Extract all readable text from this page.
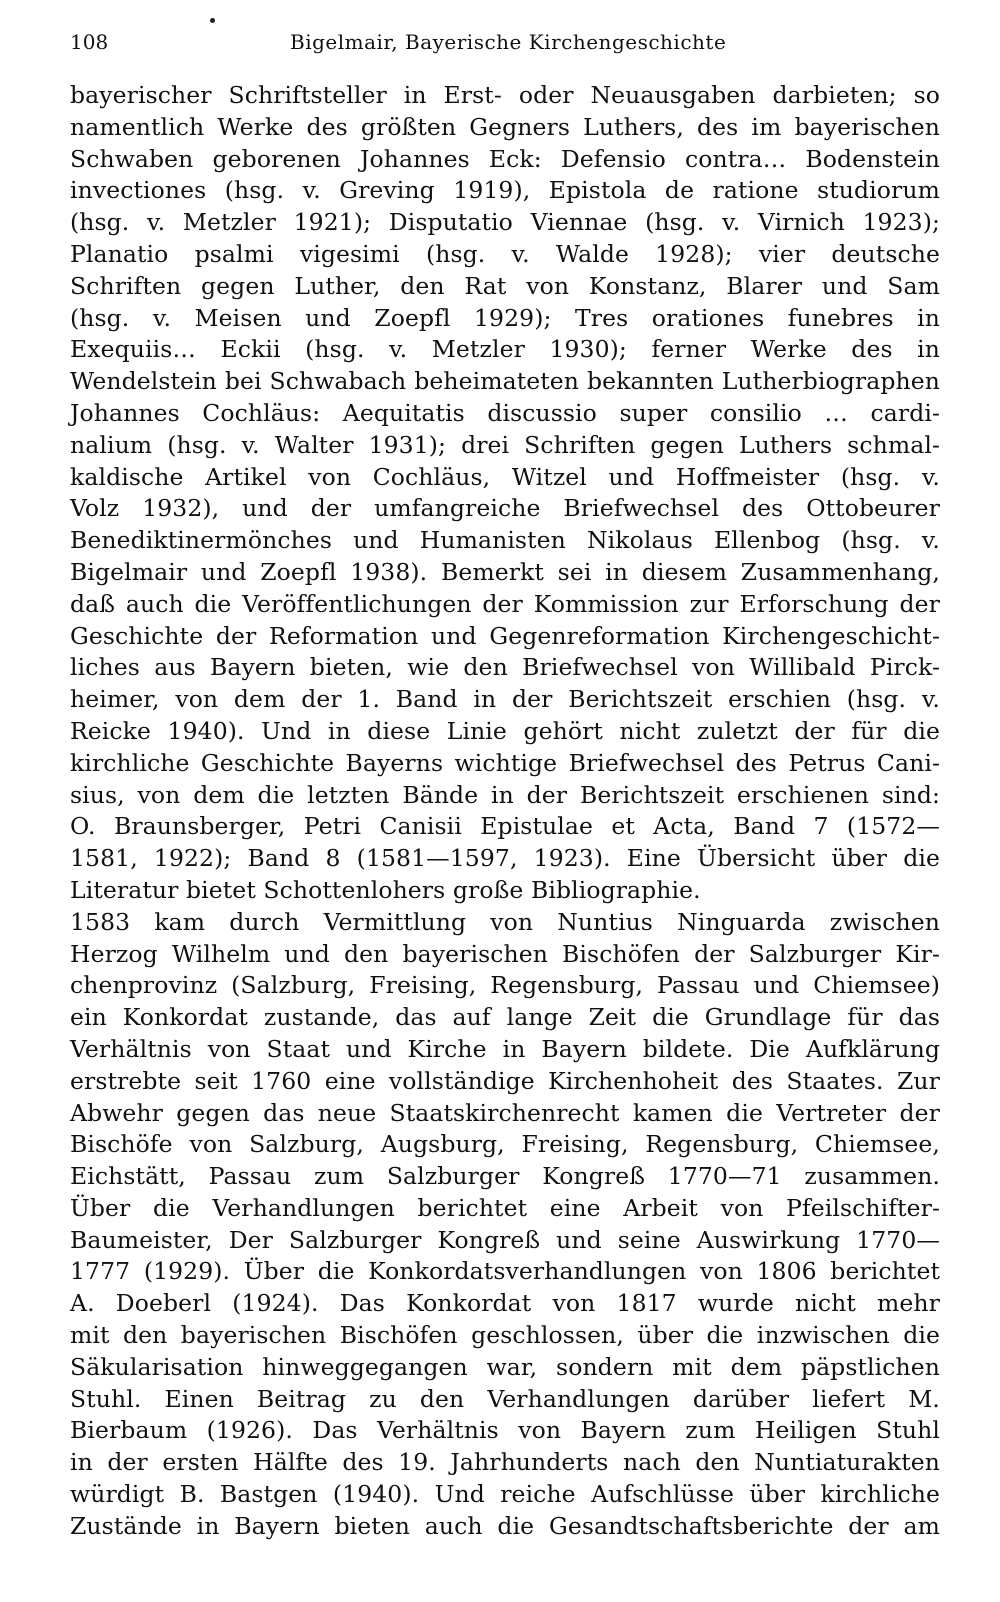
108	Bigelmair, Bayerische Kirchengeschichte
bayerischer Schriftsteller in Erst- oder Neuausgaben darbieten; so
namentlich Werke des größten Gegners Luthers, des im bayerischen
Schwaben geborenen Johannes Eck: Defensio contra… Bodenstein
invectiones (hsg. v. Greving 1919), Epistola de ratione studiorum
(hsg. v. Metzler 1921); Disputatio Viennae (hsg. v. Virnich 1923);
Planatio psalmi vigesimi (hsg. v. Walde 1928); vier deutsche
Schriften gegen Luther, den Rat von Konstanz, Blarer und Sam
(hsg. v. Meisen und Zoepfl 1929); Tres orationes funebres in
Exequiis… Eckii (hsg. v. Metzler 1930); ferner Werke des in
Wendelstein bei Schwabach beheimateten bekannten Lutherbiographen
Johannes Cochläus: Aequitatis discussio super consilio … cardi-
nalium (hsg. v. Walter 1931); drei Schriften gegen Luthers schmal-
kaldische Artikel von Cochläus, Witzel und Hoffmeister (hsg. v.
Volz 1932), und der umfangreiche Briefwechsel des Ottobeurer
Benediktinermönches und Humanisten Nikolaus Ellenbog (hsg. v.
Bigelmair und Zoepfl 1938). Bemerkt sei in diesem Zusammenhang,
daß auch die Veröffentlichungen der Kommission zur Erforschung der
Geschichte der Reformation und Gegenreformation Kirchengeschicht-
liches aus Bayern bieten, wie den Briefwechsel von Willibald Pirck-
heimer, von dem der 1. Band in der Berichtszeit erschien (hsg. v.
Reicke 1940). Und in diese Linie gehört nicht zuletzt der für die
kirchliche Geschichte Bayerns wichtige Briefwechsel des Petrus Cani-
sius, von dem die letzten Bände in der Berichtszeit erschienen sind:
O. Braunsberger, Petri Canisii Epistulae et Acta, Band 7 (1572—
1581, 1922); Band 8 (1581—1597, 1923). Eine Übersicht über die
Literatur bietet Schottenlohers große Bibliographie.
1583 kam durch Vermittlung von Nuntius Ninguarda zwischen
Herzog Wilhelm und den bayerischen Bischöfen der Salzburger Kir-
chenprovinz (Salzburg, Freising, Regensburg, Passau und Chiemsee)
ein Konkordat zustande, das auf lange Zeit die Grundlage für das
Verhältnis von Staat und Kirche in Bayern bildete. Die Aufklärung
erstrebte seit 1760 eine vollständige Kirchenhoheit des Staates. Zur
Abwehr gegen das neue Staatskirchenrecht kamen die Vertreter der
Bischöfe von Salzburg, Augsburg, Freising, Regensburg, Chiemsee,
Eichstätt, Passau zum Salzburger Kongreß 1770—71 zusammen.
Über die Verhandlungen berichtet eine Arbeit von Pfeilschifter-
Baumeister, Der Salzburger Kongreß und seine Auswirkung 1770—
1777 (1929). Über die Konkordatsverhandlungen von 1806 berichtet
A. Doeberl (1924). Das Konkordat von 1817 wurde nicht mehr
mit den bayerischen Bischöfen geschlossen, über die inzwischen die
Säkularisation hinweggegangen war, sondern mit dem päpstlichen
Stuhl. Einen Beitrag zu den Verhandlungen darüber liefert M.
Bierbaum (1926). Das Verhältnis von Bayern zum Heiligen Stuhl
in der ersten Hälfte des 19. Jahrhunderts nach den Nuntiaturakten
würdigt B. Bastgen (1940). Und reiche Aufschlüsse über kirchliche
Zustände in Bayern bieten auch die Gesandtschaftsberichte der am
